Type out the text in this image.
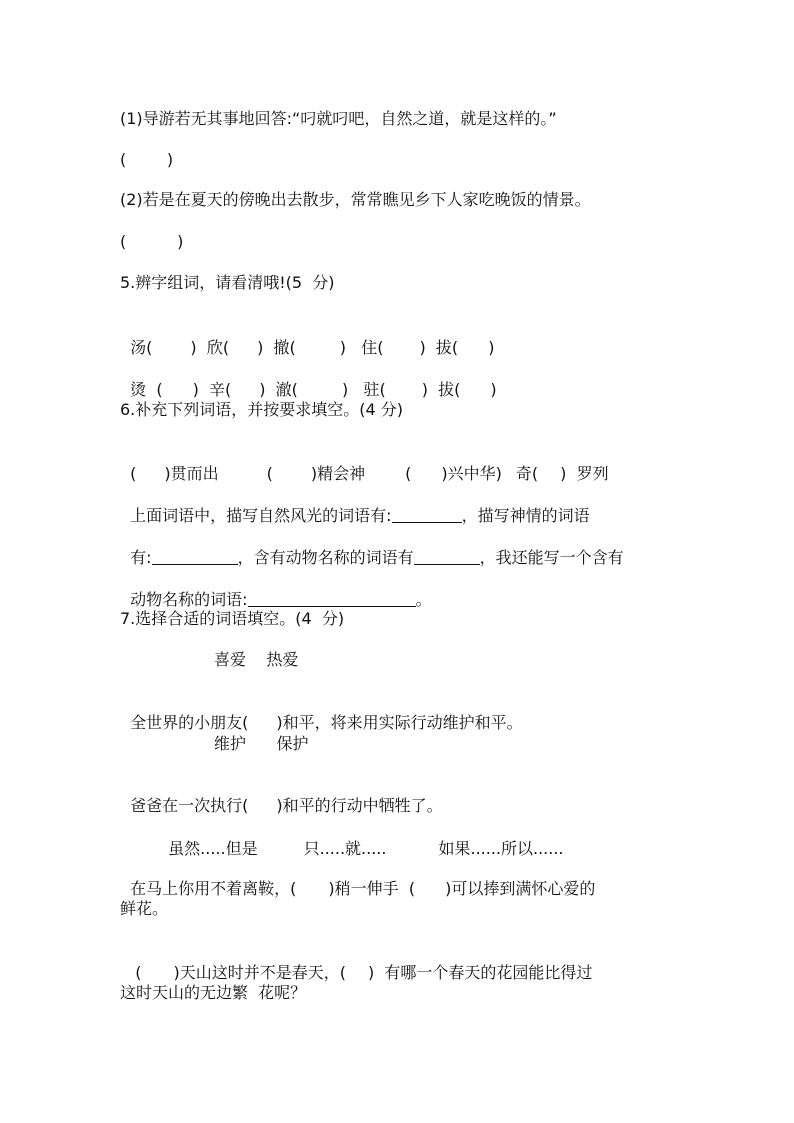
(1)导游若无其事地回答:“叼就叼吧，自然之道，就是这样的。”
(        )
(2)若是在夏天的傍晚出去散步，常常瞧见乡下人家吃晚饭的情景。
(          )
5.辨字组词，请看清哦!(5  分)

汤( )  欣( )  撤(	)   住( )  拔( )

烫  ( )  辛( )  澈(	)   驻( )  拔( )

6.补充下列词语，并按要求填空。(4 分)

( )贯而出	( )精会神	( )兴中华) 奇( )  罗列

上面词语中，描写自然风光的词语有:	，描写神情的词语

有:	，含有动物名称的词语有	，我还能写一个含有

动物名称的词语:	。

7.选择合适的词语填空。(4  分)
喜爱    热爱

全世界的小朋友( )和平，将来用实际行动维护和平。

维护      保护

爸爸在一次执行( )和平的行动中牺牲了。

虽然.....但是	只.....就.....	如果......所以......

在马上你用不着离鞍，( )稍一伸手  ( )可以捧到满怀心爱的

鲜花。

( )天山这时并不是春天，( )  有哪一个春天的花园能比得过

这时天山的无边繁  花呢？
